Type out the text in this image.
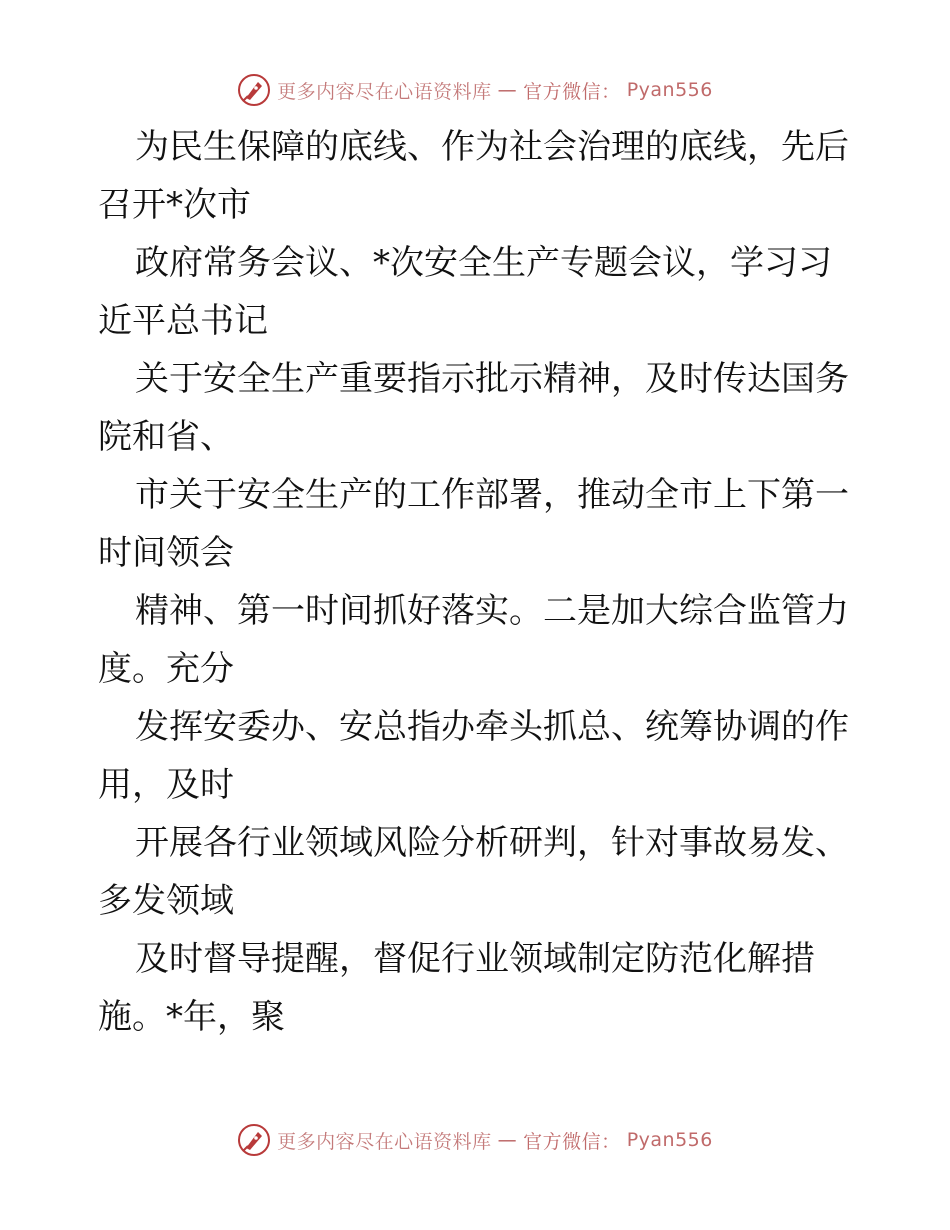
更多内容尽在心语资料库 — 官方微信： Pyan556

为民生保障的底线、作为社会治理的底线，先后
召开*次市

政府常务会议、*次安全生产专题会议，学习习
近平总书记

关于安全生产重要指示批示精神，及时传达国务
院和省、

市关于安全生产的工作部署，推动全市上下第一
时间领会

精神、第一时间抓好落实。二是加大综合监管力
度。充分

发挥安委办、安总指办牵头抓总、统筹协调的作
用，及时

开展各行业领域风险分析研判，针对事故易发、
多发领域

及时督导提醒，督促行业领域制定防范化解措
施。*年，聚

更多内容尽在心语资料库 — 官方微信： Pyan556
